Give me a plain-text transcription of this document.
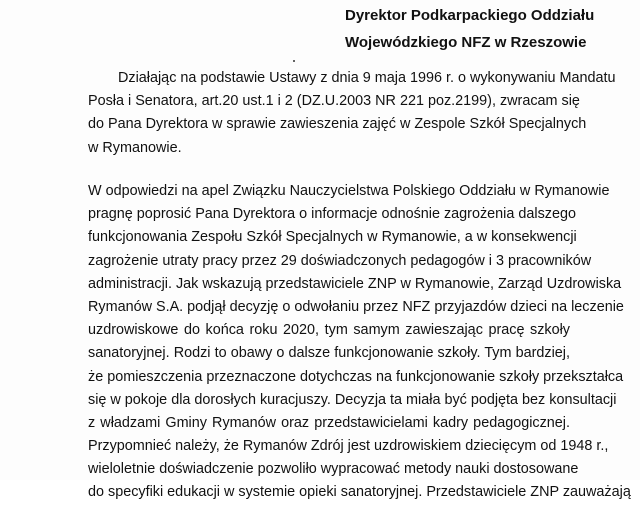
Dyrektor Podkarpackiego Oddziału
Wojewódzkiego NFZ w Rzeszowie
Działając na podstawie Ustawy z dnia 9 maja 1996 r. o wykonywaniu Mandatu
Posła i Senatora, art.20 ust.1 i 2 (DZ.U.2003 NR 221 poz.2199), zwracam się
do Pana Dyrektora w sprawie zawieszenia zajęć w Zespole Szkół Specjalnych
w Rymanowie.
W odpowiedzi na apel Związku Nauczycielstwa Polskiego Oddziału w Rymanowie
pragnę poprosić Pana Dyrektora o informacje odnośnie zagrożenia dalszego
funkcjonowania Zespołu Szkół Specjalnych w Rymanowie, a w konsekwencji
zagrożenie utraty pracy przez 29 doświadczonych pedagogów i 3 pracowników
administracji. Jak wskazują przedstawiciele ZNP w Rymanowie, Zarząd Uzdrowiska
Rymanów S.A. podjął decyzję o odwołaniu przez NFZ przyjazdów dzieci na leczenie
uzdrowiskowe do końca roku 2020, tym samym zawieszając pracę szkoły
sanatoryjnej. Rodzi to obawy o dalsze funkcjonowanie szkoły. Tym bardziej,
że pomieszczenia przeznaczone dotychczas na funkcjonowanie szkoły przekształca
się w pokoje dla dorosłych kuracjuszy. Decyzja ta miała być podjęta bez konsultacji
z władzami Gminy Rymanów oraz przedstawicielami kadry pedagogicznej.
Przypomnieć należy, że Rymanów Zdrój jest uzdrowiskiem dziecięcym od 1948 r.,
wieloletnie doświadczenie pozwoliło wypracować metody nauki dostosowane
do specyfiki edukacji w systemie opieki sanatoryjnej. Przedstawiciele ZNP zauważają
